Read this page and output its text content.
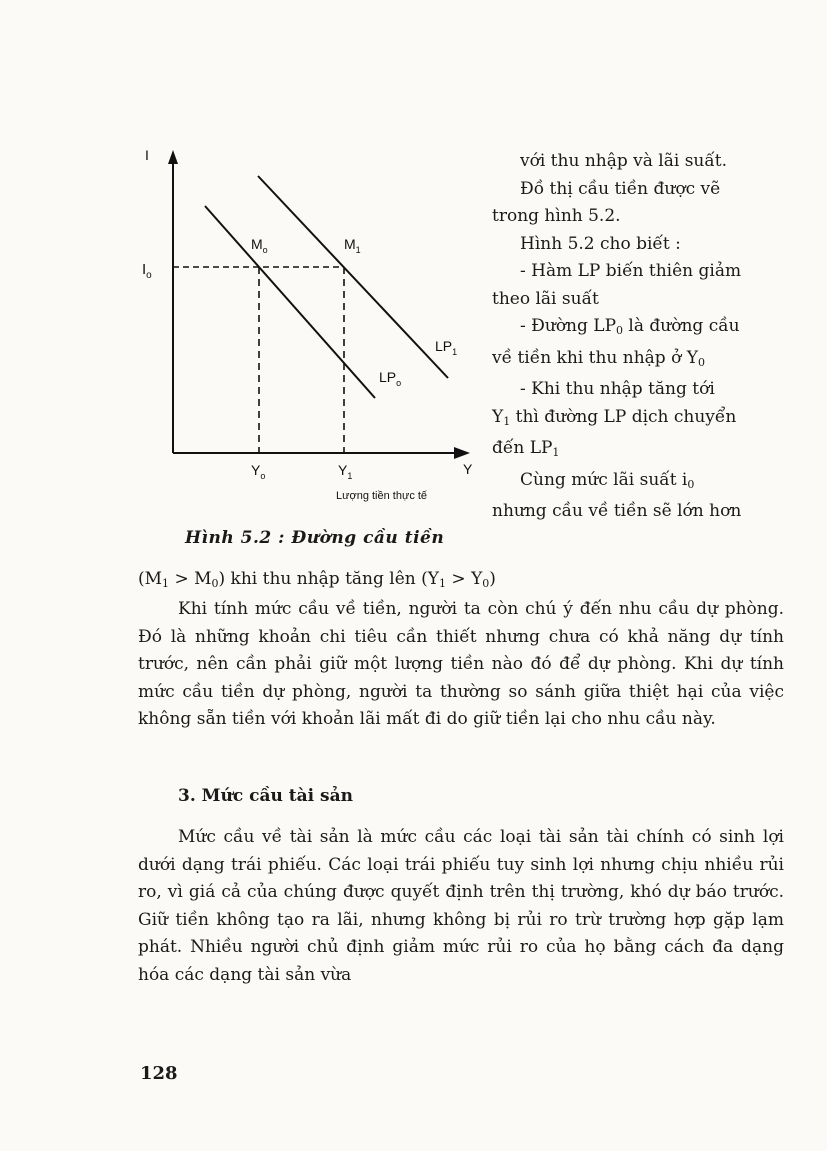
I
Y
$I_o$
$M_o$	$M_1$
$LP_1$
$LP_o$
$Y_o$	$Y_1$
Lượng tiền thực tế
Hình 5.2 : Đường cầu tiền

với thu nhập và lãi suất.

Đồ thị cầu tiền được vẽ

trong hình 5.2.

Hình 5.2 cho biết :

- Hàm LP biến thiên giảm

theo lãi suất

- Đường $LP_0$ là đường cầu

về tiền khi thu nhập ở $Y_0$

- Khi thu nhập tăng tới

$Y_1$ thì đường LP dịch chuyển

đến $LP_1$

Cùng mức lãi suất $i_0$

nhưng cầu về tiền sẽ lớn hơn

$(M_1 > M_0)$ khi thu nhập tăng lên $(Y_1 > Y_0)$

Khi tính mức cầu về tiền, người ta còn chú ý đến nhu cầu dự phòng. Đó là những khoản chi tiêu cần thiết nhưng chưa có khả năng dự tính trước, nên cần phải giữ một lượng tiền nào đó để dự phòng. Khi dự tính mức cầu tiền dự phòng, người ta thường so sánh giữa thiệt hại của việc không sẵn tiền với khoản lãi mất đi do giữ tiền lại cho nhu cầu này.

3. Mức cầu tài sản

Mức cầu về tài sản là mức cầu các loại tài sản tài chính có sinh lợi dưới dạng trái phiếu. Các loại trái phiếu tuy sinh lợi nhưng chịu nhiều rủi ro, vì giá cả của chúng được quyết định trên thị trường, khó dự báo trước. Giữ tiền không tạo ra lãi, nhưng không bị rủi ro trừ trường hợp gặp lạm phát. Nhiều người chủ định giảm mức rủi ro của họ bằng cách đa dạng hóa các dạng tài sản vừa

128
